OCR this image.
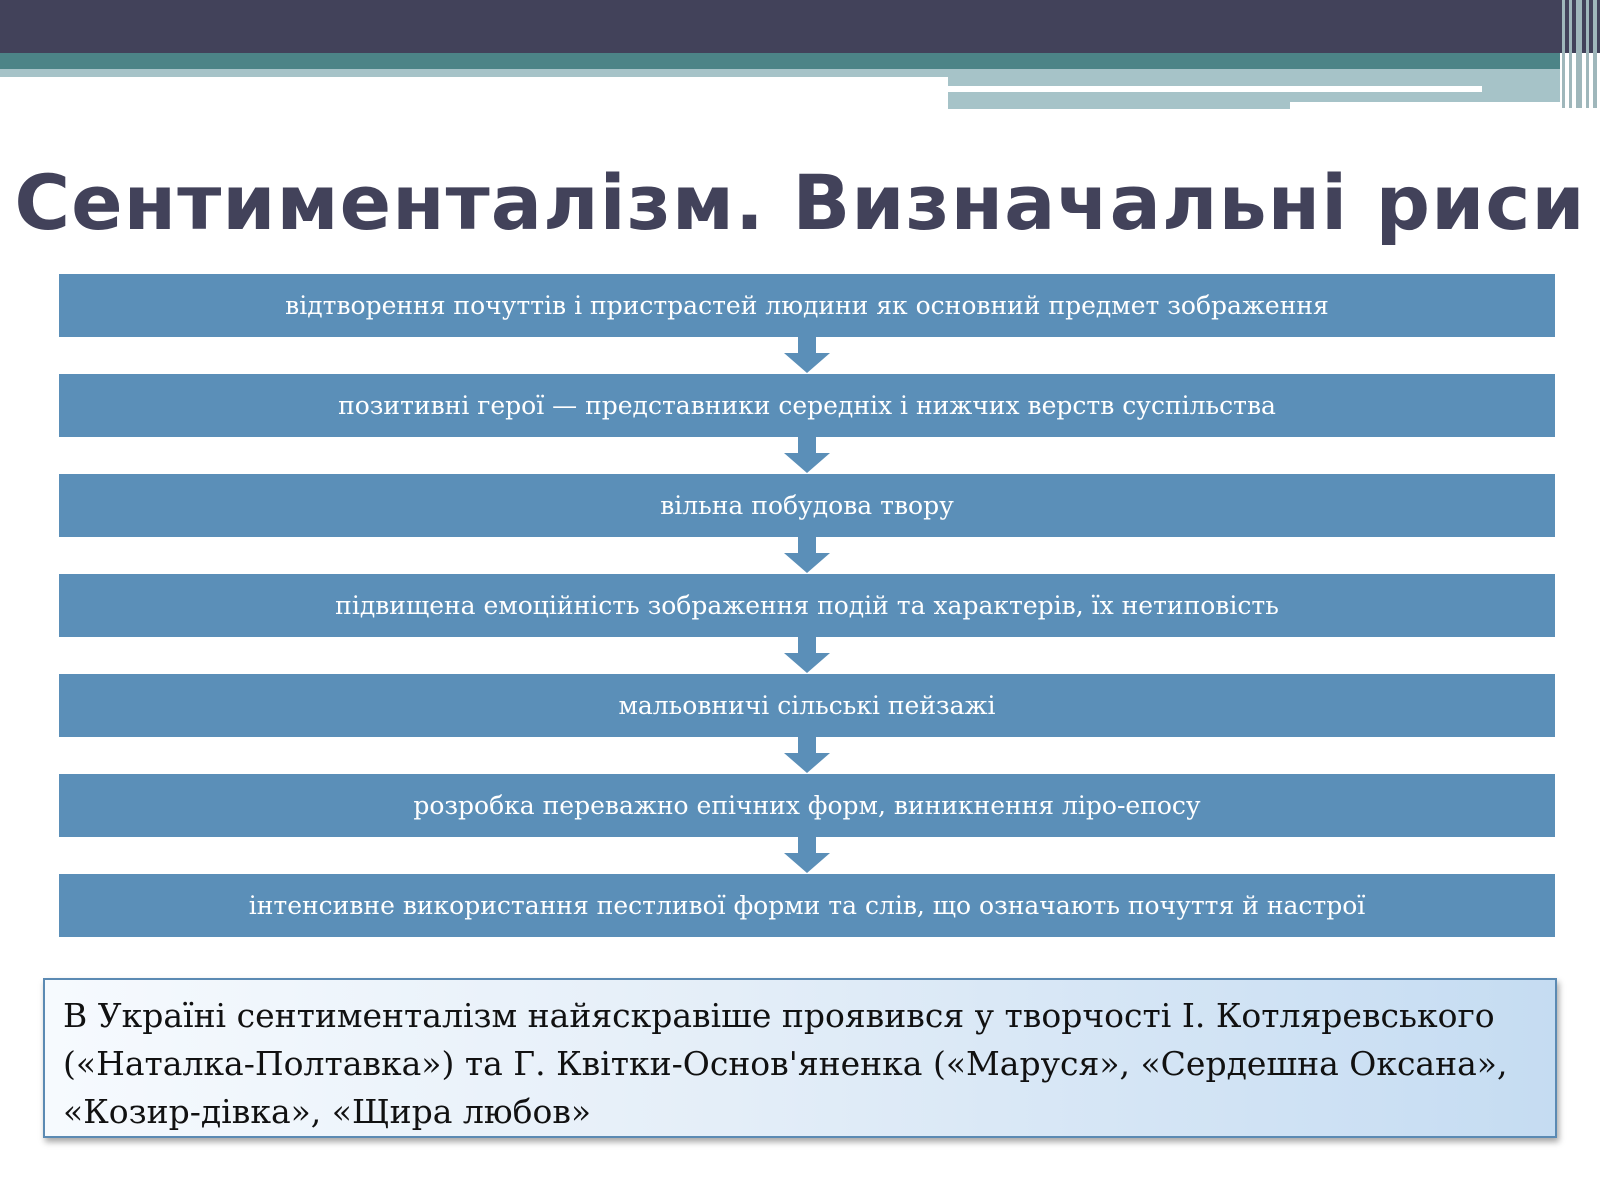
Сентименталізм. Визначальні риси
відтворення почуттів і пристрастей людини як основний предмет зображення
позитивні герої — представники середніх і нижчих верств суспільства
вільна побудова твору
підвищена емоційність зображення подій та характерів, їх нетиповість
мальовничі сільські пейзажі
розробка переважно епічних форм, виникнення ліро-епосу
інтенсивне використання пестливої форми та слів, що означають почуття й настрої
В Україні сентименталізм найяскравіше проявився у творчості І. Котляревського («Наталка-Полтавка») та Г. Квітки-Основ'яненка («Маруся», «Сердешна Оксана», «Козир-дівка», «Щира любов»
